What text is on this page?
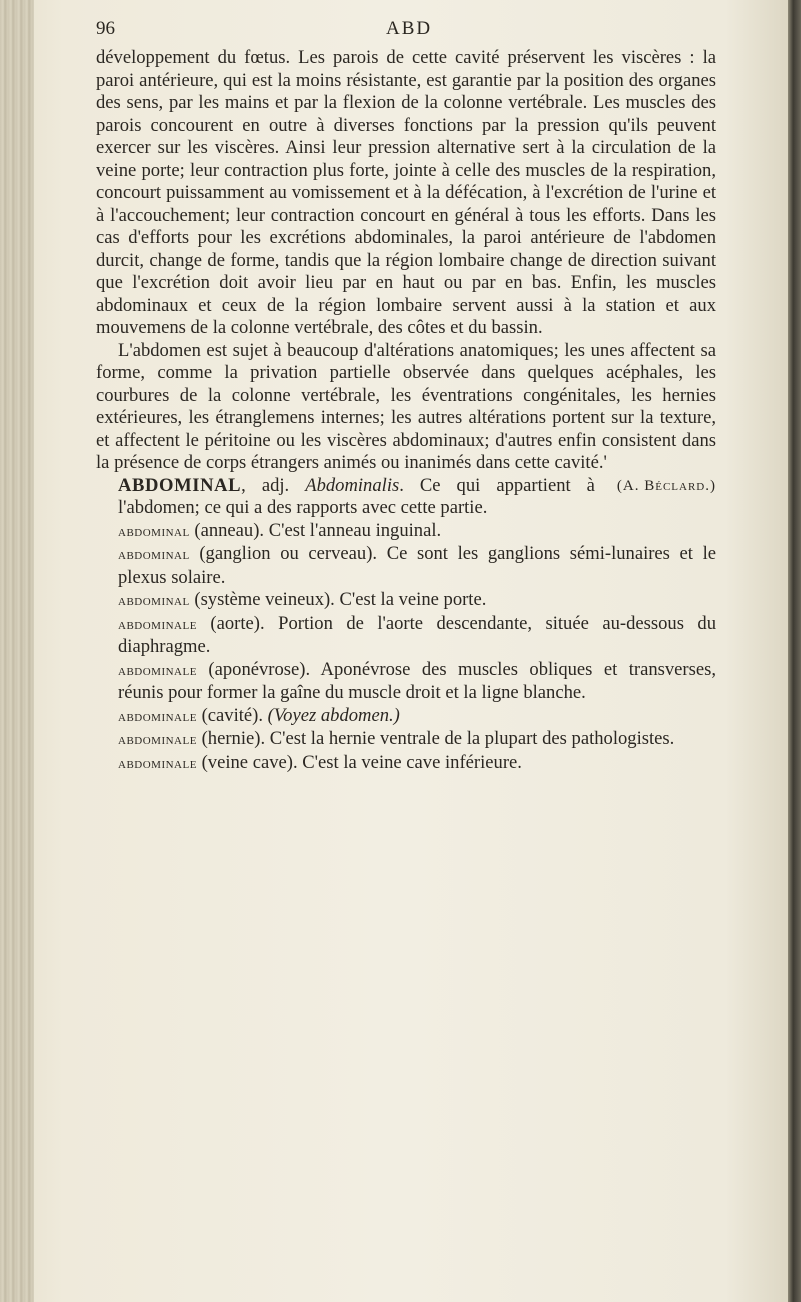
96	ABD

développement du fœtus. Les parois de cette cavité préservent les viscères : la paroi antérieure, qui est la moins résistante, est garantie par la position des organes des sens, par les mains et par la flexion de la colonne vertébrale. Les muscles des parois concourent en outre à diverses fonctions par la pression qu'ils peuvent exercer sur les viscères. Ainsi leur pression alternative sert à la circulation de la veine porte; leur contraction plus forte, jointe à celle des muscles de la respiration, concourt puissamment au vomissement et à la défécation, à l'excrétion de l'urine et à l'accouchement; leur contraction concourt en général à tous les efforts. Dans les cas d'efforts pour les excrétions abdominales, la paroi antérieure de l'abdomen durcit, change de forme, tandis que la région lombaire change de direction suivant que l'excrétion doit avoir lieu par en haut ou par en bas. Enfin, les muscles abdominaux et ceux de la région lombaire servent aussi à la station et aux mouvemens de la colonne vertébrale, des côtes et du bassin.

L'abdomen est sujet à beaucoup d'altérations anatomiques; les unes affectent sa forme, comme la privation partielle observée dans quelques acéphales, les courbures de la colonne vertébrale, les éventrations congénitales, les hernies extérieures, les étranglemens internes; les autres altérations portent sur la texture, et affectent le péritoine ou les viscères abdominaux; d'autres enfin consistent dans la présence de corps étrangers animés ou inanimés dans cette cavité.'
(A. Béclard.)

ABDOMINAL, adj. Abdominalis. Ce qui appartient à l'abdomen; ce qui a des rapports avec cette partie.

abdominal (anneau). C'est l'anneau inguinal.

abdominal (ganglion ou cerveau). Ce sont les ganglions sémi-lunaires et le plexus solaire.

abdominal (système veineux). C'est la veine porte.

abdominale (aorte). Portion de l'aorte descendante, située au-dessous du diaphragme.

abdominale (aponévrose). Aponévrose des muscles obliques et transverses, réunis pour former la gaîne du muscle droit et la ligne blanche.

abdominale (cavité). (Voyez abdomen.)

abdominale (hernie). C'est la hernie ventrale de la plupart des pathologistes.

abdominale (veine cave). C'est la veine cave inférieure.
